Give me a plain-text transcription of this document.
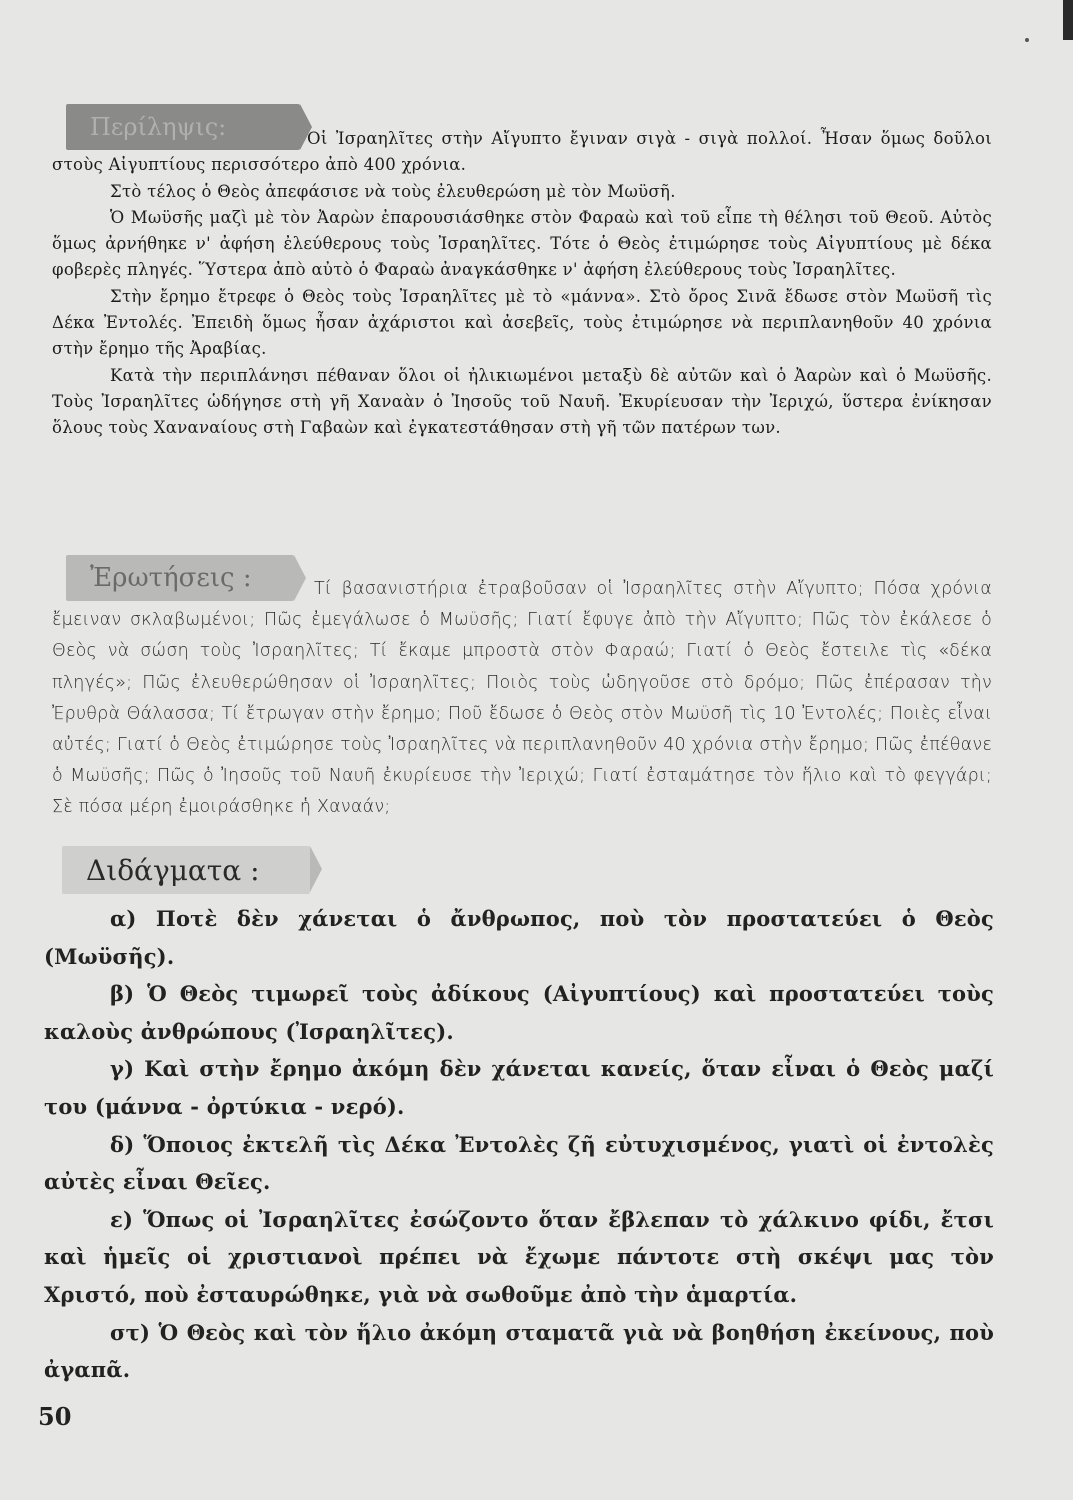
Περίληψις:	Οἱ Ἰσραηλῖτες στὴν Αἴγυπτο ἔγιναν σιγὰ - σιγὰ πολλοί. Ἦσαν ὅμως δοῦλοι στοὺς Αἰγυπτίους περισσότερο ἀπὸ 400 χρόνια.

Στὸ τέλος ὁ Θεὸς ἀπεφάσισε νὰ τοὺς ἐλευθερώση μὲ τὸν Μωϋσῆ.

Ὁ Μωϋσῆς μαζὶ μὲ τὸν Ἀαρὼν ἐπαρουσιάσθηκε στὸν Φαραὼ καὶ τοῦ εἶπε τὴ θέλησι τοῦ Θεοῦ. Αὐτὸς ὅμως ἀρνήθηκε ν' ἀφήση ἐλεύθερους τοὺς Ἰσραηλῖτες. Τότε ὁ Θεὸς ἐτιμώρησε τοὺς Αἰγυπτίους μὲ δέκα φοβερὲς πληγές. Ὕστερα ἀπὸ αὐτὸ ὁ Φαραὼ ἀναγκάσθηκε ν' ἀφήση ἐλεύθερους τοὺς Ἰσραηλῖτες.

Στὴν ἔρημο ἔτρεφε ὁ Θεὸς τοὺς Ἰσραηλῖτες μὲ τὸ «μάννα». Στὸ ὄρος Σινᾶ ἔδωσε στὸν Μωϋσῆ τὶς Δέκα Ἐντολές. Ἐπειδὴ ὅμως ἦσαν ἀχάριστοι καὶ ἀσεβεῖς, τοὺς ἐτιμώρησε νὰ περιπλανηθοῦν 40 χρόνια στὴν ἔρημο τῆς Ἀραβίας.

Κατὰ τὴν περιπλάνησι πέθαναν ὅλοι οἱ ἠλικιωμένοι μεταξὺ δὲ αὐτῶν καὶ ὁ Ἀαρὼν καὶ ὁ Μωϋσῆς. Τοὺς Ἰσραηλῖτες ὡδήγησε στὴ γῆ Χαναὰν ὁ Ἰησοῦς τοῦ Ναυῆ. Ἐκυρίευσαν τὴν Ἰεριχώ, ὕστερα ἐνίκησαν ὅλους τοὺς Χαναναίους στὴ Γαβαὼν καὶ ἐγκατεστάθησαν στὴ γῆ τῶν πατέρων των.

Ἐρωτήσεις :	Τί βασανιστήρια ἐτραβοῦσαν οἱ Ἰσραηλῖτες στὴν Αἴγυπτο; Πόσα χρόνια ἔμειναν σκλαβωμένοι; Πῶς ἐμεγάλωσε ὁ Μωϋσῆς; Γιατί ἔφυγε ἀπὸ τὴν Αἴγυπτο; Πῶς τὸν ἐκάλεσε ὁ Θεὸς νὰ σώση τοὺς Ἰσραηλῖτες; Τί ἔκαμε μπροστὰ στὸν Φαραώ; Γιατί ὁ Θεὸς ἔστειλε τὶς «δέκα πληγές»; Πῶς ἐλευθερώθησαν οἱ Ἰσραηλῖτες; Ποιὸς τοὺς ὡδηγοῦσε στὸ δρόμο; Πῶς ἐπέρασαν τὴν Ἐρυθρὰ Θάλασσα; Τί ἔτρωγαν στὴν ἔρημο; Ποῦ ἔδωσε ὁ Θεὸς στὸν Μωϋσῆ τὶς 10 Ἐντολές; Ποιὲς εἶναι αὐτές; Γιατί ὁ Θεὸς ἐτιμώρησε τοὺς Ἰσραηλῖτες νὰ περιπλανηθοῦν 40 χρόνια στὴν ἔρημο; Πῶς ἐπέθανε ὁ Μωϋσῆς; Πῶς ὁ Ἰησοῦς τοῦ Ναυῆ ἐκυρίευσε τὴν Ἰεριχώ; Γιατί ἐσταμάτησε τὸν ἥλιο καὶ τὸ φεγγάρι; Σὲ πόσα μέρη ἐμοιράσθηκε ἡ Χαναάν;

Διδάγματα :

α) Ποτὲ δὲν χάνεται ὁ ἄνθρωπος, ποὺ τὸν προστατεύει ὁ Θεὸς (Μωϋσῆς).

β) Ὁ Θεὸς τιμωρεῖ τοὺς ἀδίκους (Αἰγυπτίους) καὶ προστατεύει τοὺς καλοὺς ἀνθρώπους (Ἰσραηλῖτες).

γ) Καὶ στὴν ἔρημο ἀκόμη δὲν χάνεται κανείς, ὅταν εἶναι ὁ Θεὸς μαζί του (μάννα - ὀρτύκια - νερό).

δ) Ὅποιος ἐκτελῆ τὶς Δέκα Ἐντολὲς ζῆ εὐτυχισμένος, γιατὶ οἱ ἐντολὲς αὐτὲς εἶναι Θεῖες.

ε) Ὅπως οἱ Ἰσραηλῖτες ἐσώζοντο ὅταν ἔβλεπαν τὸ χάλκινο φίδι, ἔτσι καὶ ἡμεῖς οἱ χριστιανοὶ πρέπει νὰ ἔχωμε πάντοτε στὴ σκέψι μας τὸν Χριστό, ποὺ ἐσταυρώθηκε, γιὰ νὰ σωθοῦμε ἀπὸ τὴν ἁμαρτία.

στ) Ὁ Θεὸς καὶ τὸν ἥλιο ἀκόμη σταματᾶ γιὰ νὰ βοηθήση ἐκείνους, ποὺ ἀγαπᾶ.

50
